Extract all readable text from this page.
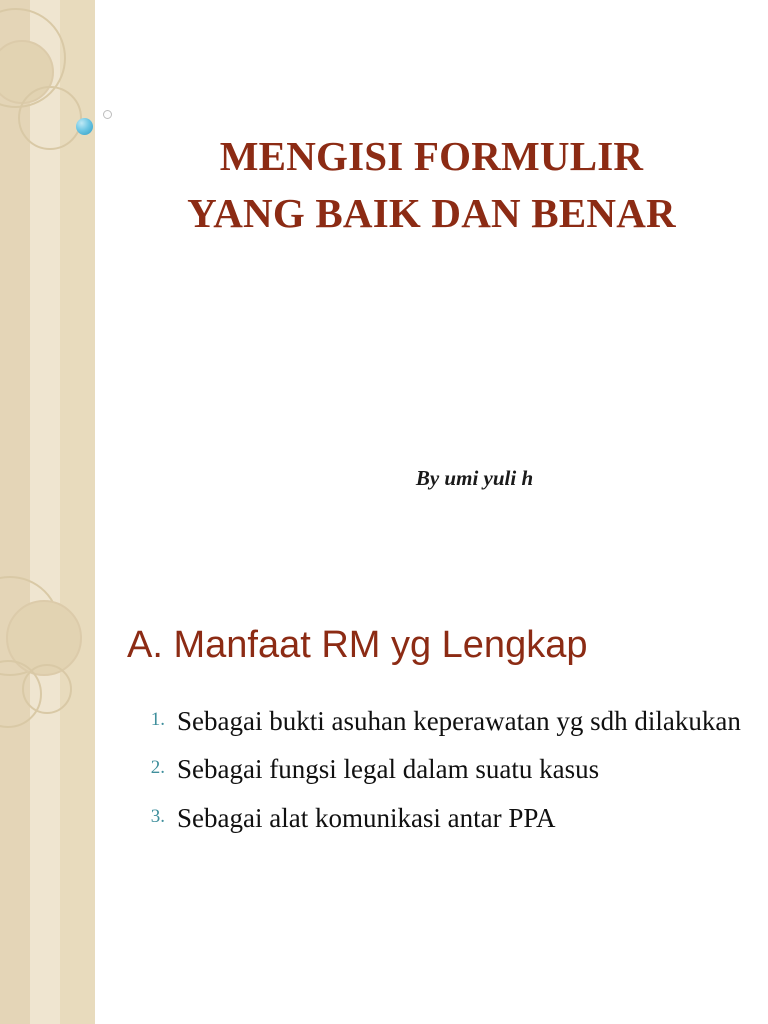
MENGISI FORMULIR
YANG BAIK DAN BENAR
By umi yuli h
A. Manfaat RM yg Lengkap
1. Sebagai bukti asuhan keperawatan yg sdh dilakukan
2. Sebagai fungsi legal dalam suatu kasus
3. Sebagai alat komunikasi antar PPA
